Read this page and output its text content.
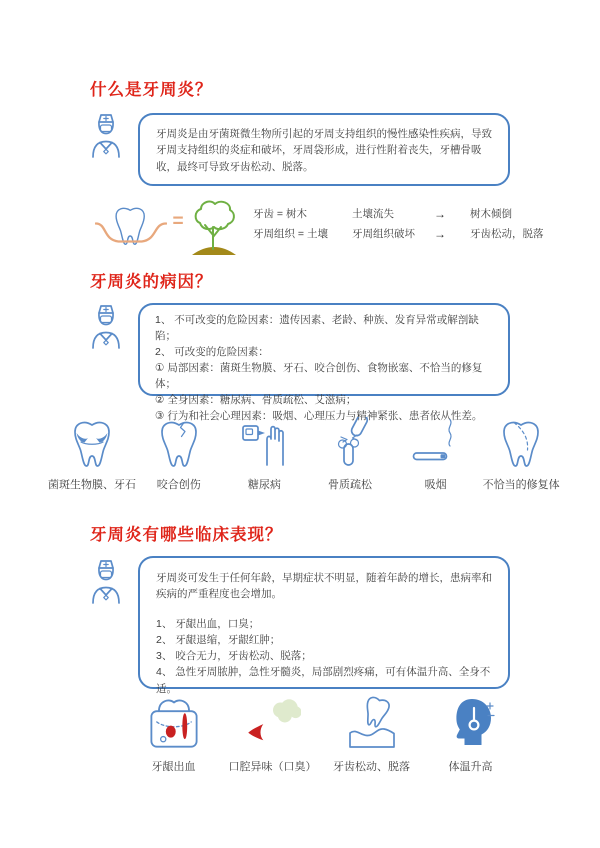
什么是牙周炎？
牙周炎是由牙菌斑微生物所引起的牙周支持组织的慢性感染性疾病，导致牙周支持组织的炎症和破坏，牙周袋形成，进行性附着丧失，牙槽骨吸收，最终可导致牙齿松动、脱落。
=	牙齿 = 树木	土壤流失	→	树木倾倒
牙周组织 = 土壤	牙周组织破坏	→	牙齿松动，脱落
牙周炎的病因？
1、 不可改变的危险因素：遗传因素、老龄、种族、发育异常或解剖缺陷；
2、 可改变的危险因素：
① 局部因素：菌斑生物膜、牙石、咬合创伤、食物嵌塞、不恰当的修复体；
② 全身因素：糖尿病、骨质疏松、艾滋病；
③ 行为和社会心理因素：吸烟、心理压力与精神紧张、患者依从性差。
菌斑生物膜、牙石 咬合创伤	糖尿病	骨质疏松	吸烟	不恰当的修复体
牙周炎有哪些临床表现？
牙周炎可发生于任何年龄，早期症状不明显，随着年龄的增长，患病率和疾病的严重程度也会增加。
1、 牙龈出血，口臭；
2、 牙龈退缩，牙龈红肿；
3、 咬合无力，牙齿松动、脱落；
4、 急性牙周脓肿，急性牙髓炎，局部剧烈疼痛，可有体温升高、全身不适。
牙龈出血	口腔异味（口臭） 牙齿松动、脱落	体温升高
